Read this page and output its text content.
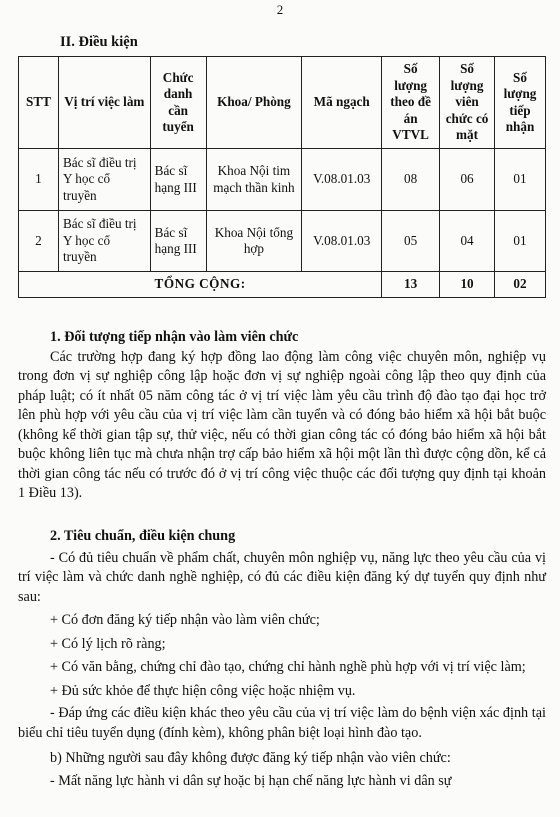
2
II. Điều kiện
STT	Vị trí việc làm	Chức danh cần tuyển	Khoa/ Phòng	Mã ngạch	Số lượng theo đề án VTVL	Số lượng viên chức có mặt	Số lượng tiếp nhận
1	Bác sĩ điều trị Y học cổ truyền	Bác sĩ hạng III	Khoa Nội tim mạch thần kinh	V.08.01.03	08	06	01
2	Bác sĩ điều trị Y học cổ truyền	Bác sĩ hạng III	Khoa Nội tổng hợp	V.08.01.03	05	04	01
TỔNG CỘNG:					13	10	02
1. Đối tượng tiếp nhận vào làm viên chức

Các trường hợp đang ký hợp đồng lao động làm công việc chuyên môn, nghiệp vụ trong đơn vị sự nghiệp công lập hoặc đơn vị sự nghiệp ngoài công lập theo quy định của pháp luật; có ít nhất 05 năm công tác ở vị trí việc làm yêu cầu trình độ đào tạo đại học trở lên phù hợp với yêu cầu của vị trí việc làm cần tuyển và có đóng bảo hiểm xã hội bắt buộc (không kể thời gian tập sự, thử việc, nếu có thời gian công tác có đóng bảo hiểm xã hội bắt buộc không liên tục mà chưa nhận trợ cấp bảo hiểm xã hội một lần thì được cộng dồn, kể cả thời gian công tác nếu có trước đó ở vị trí công việc thuộc các đối tượng quy định tại khoản 1 Điều 13).

2. Tiêu chuẩn, điều kiện chung

- Có đủ tiêu chuẩn về phẩm chất, chuyên môn nghiệp vụ, năng lực theo yêu cầu của vị trí việc làm và chức danh nghề nghiệp, có đủ các điều kiện đăng ký dự tuyển quy định như sau:

+ Có đơn đăng ký tiếp nhận vào làm viên chức;

+ Có lý lịch rõ ràng;

+ Có văn bằng, chứng chỉ đào tạo, chứng chỉ hành nghề phù hợp với vị trí việc làm;

+ Đủ sức khỏe để thực hiện công việc hoặc nhiệm vụ.

- Đáp ứng các điều kiện khác theo yêu cầu của vị trí việc làm do bệnh viện xác định tại biểu chỉ tiêu tuyển dụng (đính kèm), không phân biệt loại hình đào tạo.

b) Những người sau đây không được đăng ký tiếp nhận vào viên chức:

- Mất năng lực hành vi dân sự hoặc bị hạn chế năng lực hành vi dân sự
